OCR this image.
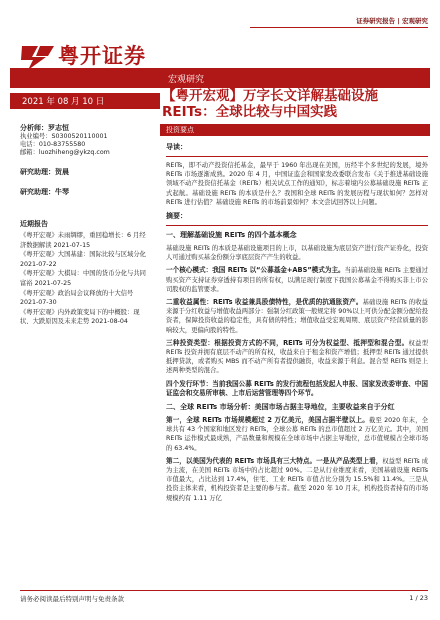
证券研究报告 | 宏观研究
粤开证券
宏观研究
2021 年 08 月 10 日	【粤开宏观】万字长文详解基础设施
REITs：全球比较与中国实践
投资要点

分析师：罗志恒

执业编号：S0300520110001

电话：010-83755580

邮箱：luozhiheng@ykzq.com

研究助理：贺晨

研究助理：牛琴

近期报告

《粤开宏观》未雨绸缪，重回稳增长：6 月经济数据解读 2021-07-15

《粤开宏观》大国基建：国际比较与区域分化 2021-07-22

《粤开宏观》大棋局：中国的货币分化与共同富裕 2021-07-25

《粤开宏观》政治局会议释放的十大信号 2021-07-30

《粤开宏观》内外政策变局下的中概股：现状、大跌原因及未来走势 2021-08-04

导读：

REITs，即不动产投资信托基金，最早于 1960 年出现在美国，历经半个多世纪的发展，境外 REITs 市场逐渐成熟。2020 年 4 月，中国证监会和国家发改委联合发布《关于推进基础设施领域不动产投资信托基金（REITs）相关试点工作的通知》，标志着境内公募基础设施 REITs 正式起航。基础设施 REITs 的本质是什么？我国和全球 REITs 的发展历程与现状如何？怎样对 REITs 进行估值？基础设施 REITs 的市场前景如何？本文尝试回答以上问题。

摘要：
一、理解基础设施 REITs 的四个基本概念

基础设施 REITs 的本质是基础设施项目的上市，以基础设施为底层资产进行资产证券化，投资人可通过购买基金份额分享底层资产产生的收益。

一个核心模式：我国 REITs 以“公募基金+ABS”模式为主。当前基础设施 REITs 主要通过购买资产支持证券穿透持有项目的所有权，以满足现行制度下我国公募基金不得购买非上市公司股权的监管要求。

二重收益属性：REITs 收益兼具股债特性，是优质的抗通胀资产。基础设施 REITs 的收益来源于分红收益与增值收益两部分：强制分红政策一般规定将 90%以上可供分配金额分配给投资者，保障投资收益的稳定性，具有债的特性；增值收益受宏观周期、底层资产经营质量的影响较大，更偏向股的特性。

三种投资类型：根据投资方式的不同，REITs 可分为权益型、抵押型和混合型。权益型 REITs 投资并拥有底层不动产的所有权，收益来自于租金和资产增值；抵押型 REITs 通过提供抵押贷款，或者购买 MBS 而不动产所有者提供融资，收益来源于利息。混合型 REITs 则是上述两种类型的混合。

四个发行环节：当前我国公募 REITs 的发行流程包括发起人申报、国家发改委审查、中国证监会和交易所审核、上市后运营管理等四个环节。

二、全球 REITs 市场分析：美国市场占据主导地位，主要收益来自于分红

第一，全球 REITs 市场规模超过 2 万亿美元，美国占据半壁以上。截至 2020 年末，全球共有 43 个国家和地区发行 REITs，全球公募 REITs 的总市值超过 2 万亿美元。其中，美国 REITs 运作模式最成熟，产品数量和规模在全球市场中占据主导地位，总市值规模占全球市场的 63.4%。

第二，以美国为代表的 REITs 市场具有三大特点。一是从产品类型上看，权益型 REITs 成为主流，在美国 REITs 市场中的占比超过 90%。二是从行业维度来看，美国基础设施 REITs 市值最大，占比达到 17.4%，住宅、工业 REITs 市值占比分别为 15.5%和 11.4%。三是从投资主体来看，机构投资者是主要的参与者。截至 2020 年 10 月末，机构投资者持有的市场规模约有 1.11 万亿

请务必阅读最后特别声明与免责条款	1 / 23
